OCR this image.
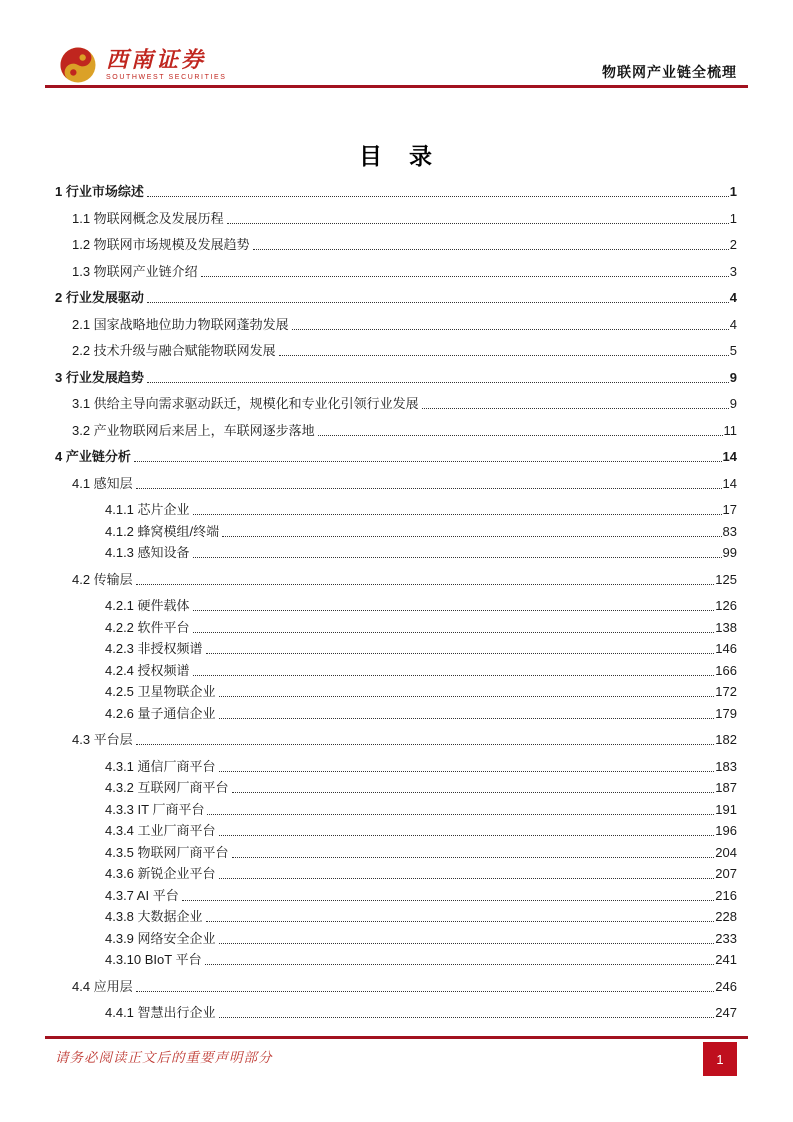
西南证券
SOUTHWEST SECURITIES	物联网产业链全梳理
目　录
1 行业市场综述	1
1.1 物联网概念及发展历程	1
1.2 物联网市场规模及发展趋势	2
1.3 物联网产业链介绍	3
2 行业发展驱动	4
2.1 国家战略地位助力物联网蓬勃发展	4
2.2 技术升级与融合赋能物联网发展	5
3 行业发展趋势	9
3.1 供给主导向需求驱动跃迁，规模化和专业化引领行业发展	9
3.2 产业物联网后来居上，车联网逐步落地	11
4 产业链分析	14
4.1 感知层	14
4.1.1 芯片企业	17
4.1.2 蜂窝模组/终端	83
4.1.3 感知设备	99
4.2 传输层	125
4.2.1 硬件载体	126
4.2.2 软件平台	138
4.2.3 非授权频谱	146
4.2.4 授权频谱	166
4.2.5 卫星物联企业	172
4.2.6 量子通信企业	179
4.3 平台层	182
4.3.1 通信厂商平台	183
4.3.2 互联网厂商平台	187
4.3.3 IT 厂商平台	191
4.3.4 工业厂商平台	196
4.3.5 物联网厂商平台	204
4.3.6 新锐企业平台	207
4.3.7 AI 平台	216
4.3.8 大数据企业	228
4.3.9 网络安全企业	233
4.3.10 BIoT 平台	241
4.4 应用层	246
4.4.1 智慧出行企业	247
请务必阅读正文后的重要声明部分	1
